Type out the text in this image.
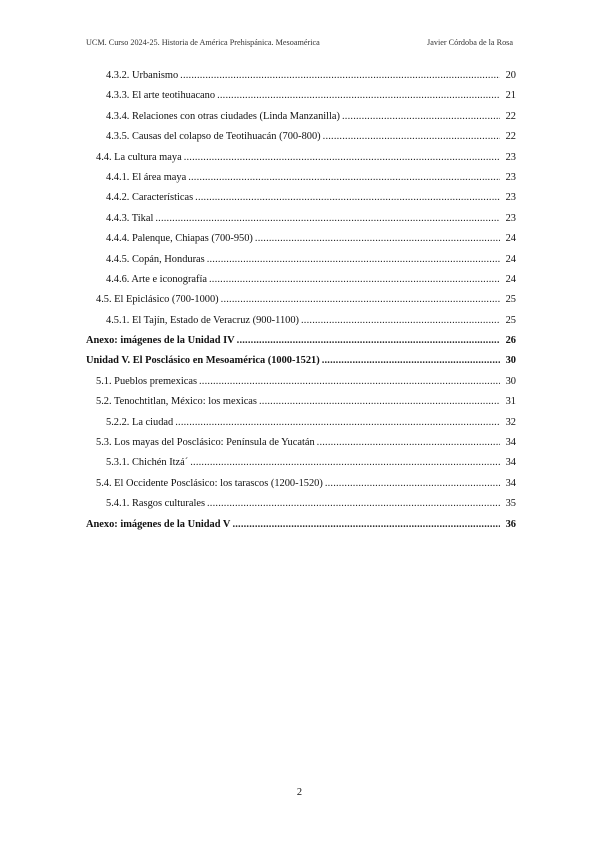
UCM. Curso 2024-25. Historia de América Prehispánica. Mesoamérica	Javier Córdoba de la Rosa
4.3.2. Urbanismo .....	20
4.3.3. El arte teotihuacano .....	21
4.3.4. Relaciones con otras ciudades (Linda Manzanilla) .....	22
4.3.5. Causas del colapso de Teotihuacán (700-800) .....	22
4.4. La cultura maya .....	23
4.4.1. El área maya .....	23
4.4.2. Características .....	23
4.4.3. Tikal .....	23
4.4.4. Palenque, Chiapas (700-950) .....	24
4.4.5. Copán, Honduras .....	24
4.4.6. Arte e iconografía .....	24
4.5. El Epiclásico (700-1000) .....	25
4.5.1. El Tajín, Estado de Veracruz (900-1100) .....	25
Anexo: imágenes de la Unidad IV .....	26
Unidad V. El Posclásico en Mesoamérica (1000-1521) .....	30
5.1. Pueblos premexicas .....	30
5.2. Tenochtitlan, México: los mexicas .....	31
5.2.2. La ciudad .....	32
5.3. Los mayas del Posclásico: Península de Yucatán .....	34
5.3.1. Chichén Itzá´ .....	34
5.4. El Occidente Posclásico: los tarascos (1200-1520) .....	34
5.4.1. Rasgos culturales .....	35
Anexo: imágenes de la Unidad V .....	36
2
